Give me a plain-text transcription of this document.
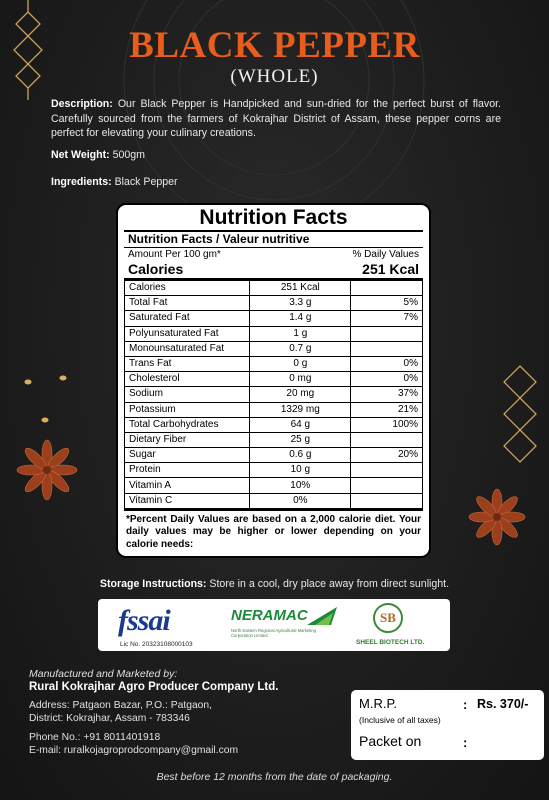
BLACK PEPPER
(WHOLE)
Description: Our Black Pepper is Handpicked and sun-dried for the perfect burst of flavor. Carefully sourced from the farmers of Kokrajhar District of Assam, these pepper corns are perfect for elevating your culinary creations.
Net Weight: 500gm
Ingredients: Black Pepper
Nutrition Facts
Nutrition Facts / Valeur nutritive
Amount Per 100 gm*	% Daily Values
Calories	251 Kcal
Calories	251 Kcal	
Total Fat	3.3 g	5%
Saturated Fat	1.4 g	7%
Polyunsaturated Fat	1 g	
Monounsaturated Fat	0.7 g	
Trans Fat	0 g	0%
Cholesterol	0 mg	0%
Sodium	20 mg	37%
Potassium	1329 mg	21%
Total Carbohydrates	64 g	100%
Dietary Fiber	25 g	
Sugar	0.6 g	20%
Protein	10 g	
Vitamin A	10%	
Vitamin C	0%	
*Percent Daily Values are based on a 2,000 calorie diet. Your daily values may be higher or lower depending on your calorie needs:
Storage Instructions: Store in a cool, dry place away from direct sunlight.
fssai
Lic No. 20323108000103
NERAMAC
North Eastern Regional Agricultural Marketing Corporation Limited
SB
SHEEL BIOTECH LTD.
Manufactured and Marketed by:
Rural Kokrajhar Agro Producer Company Ltd.
Address: Patgaon Bazar, P.O.: Patgaon,
District: Kokrajhar, Assam - 783346
Phone No.: +91 8011401918
E-mail: ruralkojagroprodcompany@gmail.com
M.R.P.	: Rs. 370/-
(Inclusive of all taxes)
Packet on	:
Best before 12 months from the date of packaging.
